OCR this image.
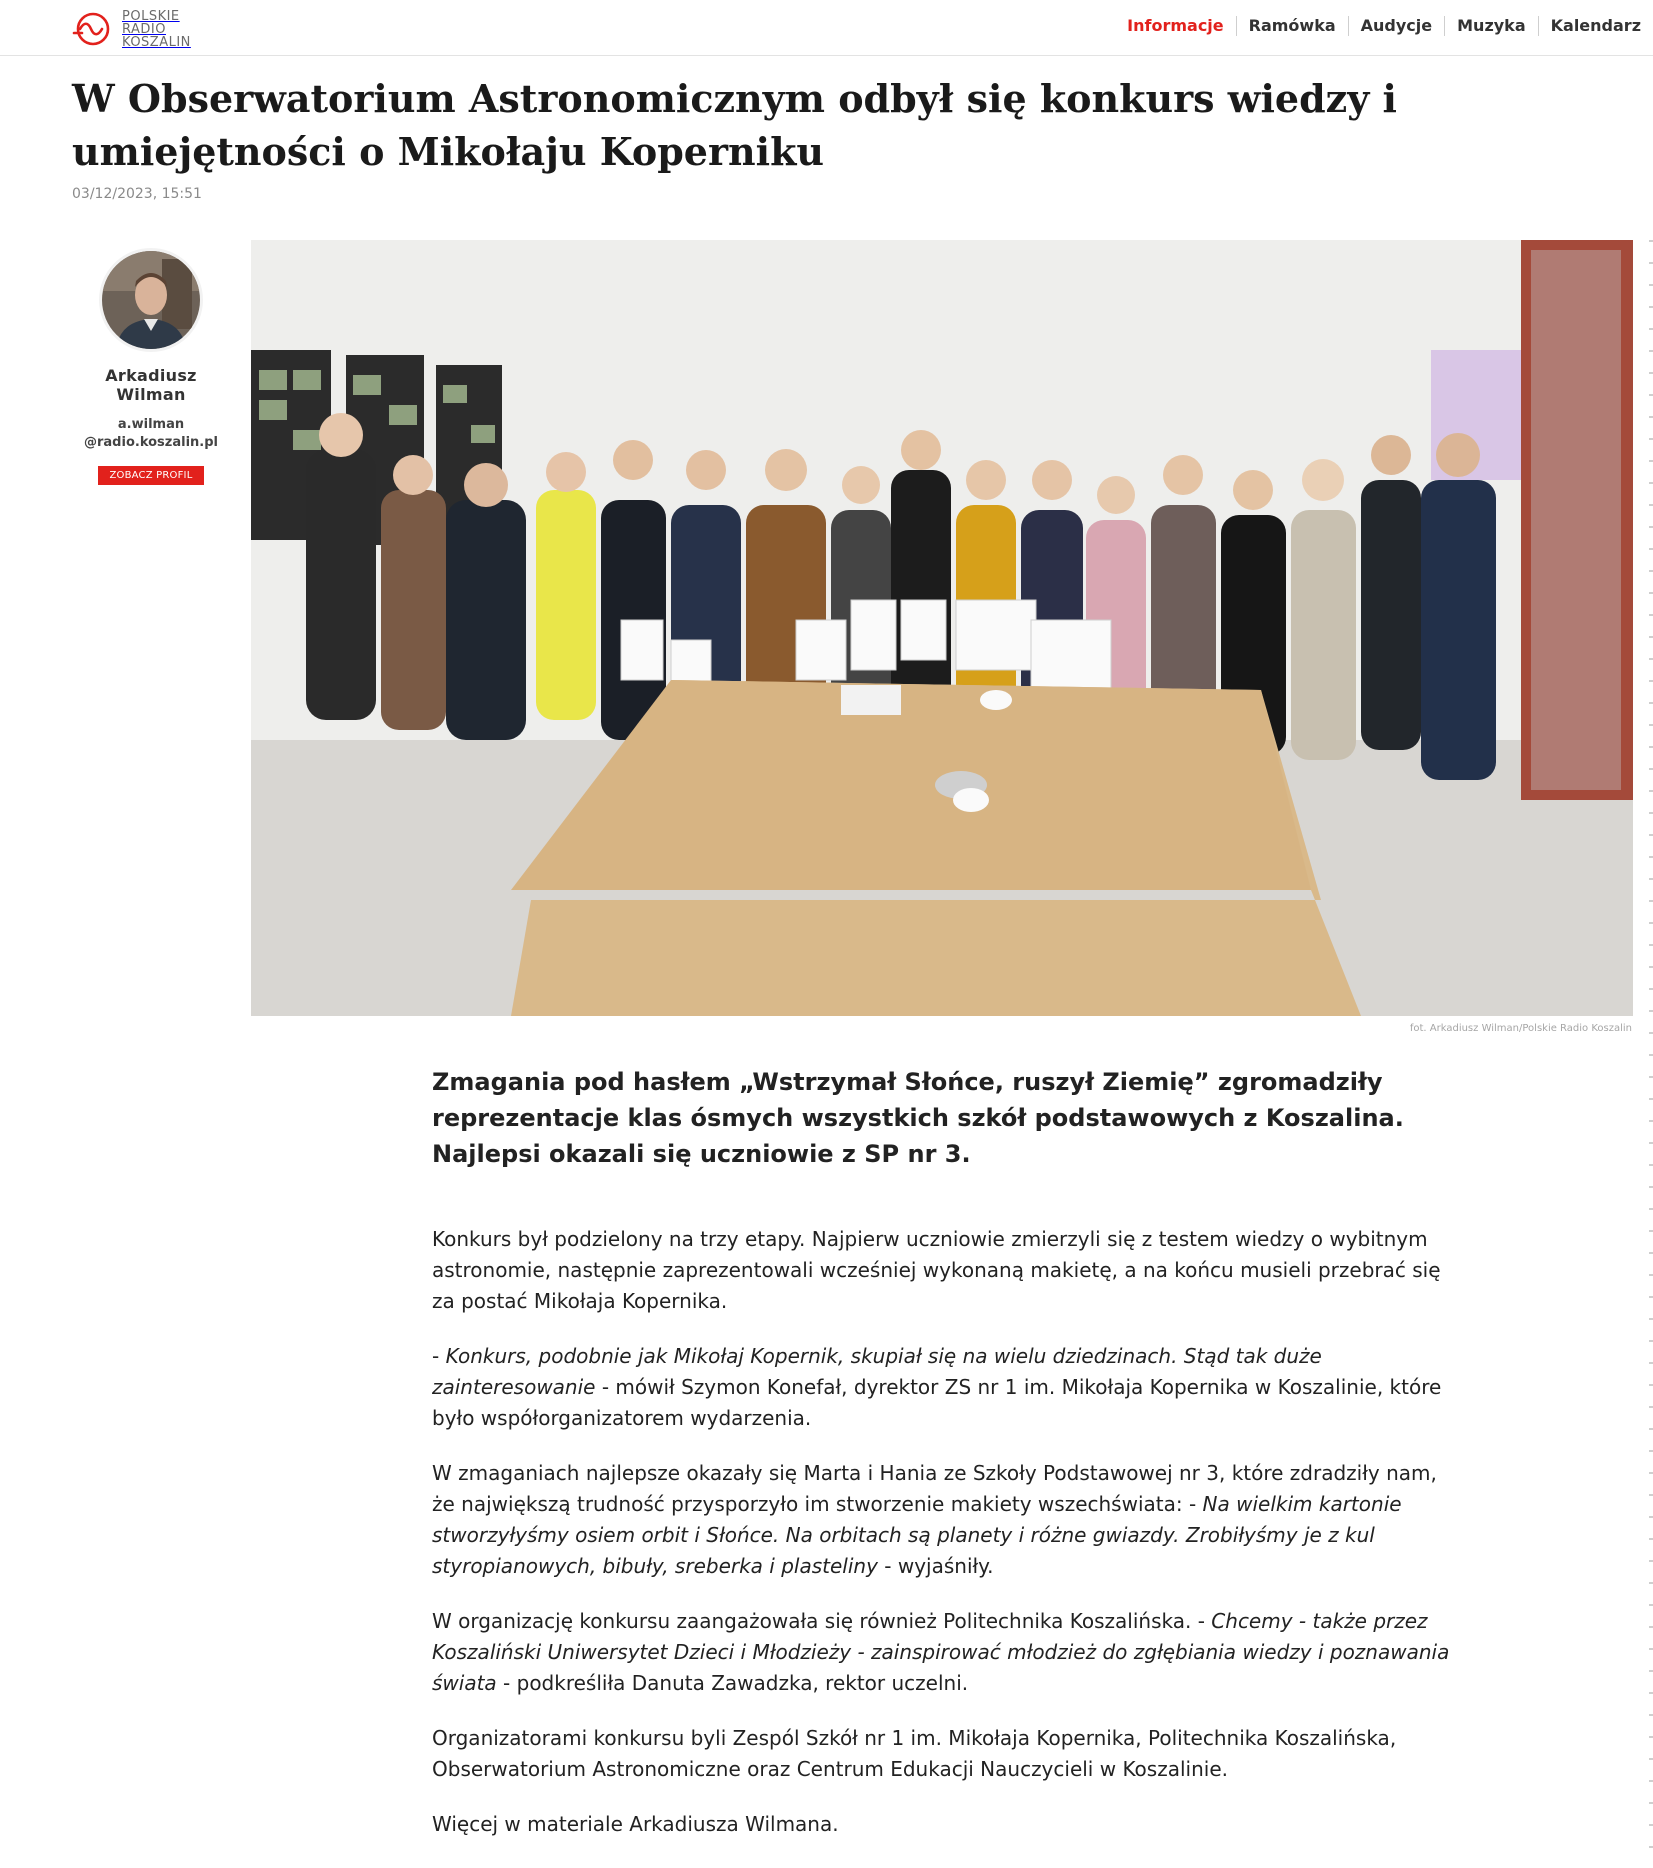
POLSKIE
RADIO
KOSZALIN
Informacje	Ramówka	Audycje	Muzyka	Kalendarz
W Obserwatorium Astronomicznym odbył się konkurs wiedzy i umiejętności o Mikołaju Koperniku
03/12/2023, 15:51
Arkadiusz Wilman
a.wilman
@radio.koszalin.pl
ZOBACZ PROFIL
fot. Arkadiusz Wilman/Polskie Radio Koszalin

Zmagania pod hasłem „Wstrzymał Słońce, ruszył Ziemię” zgromadziły reprezentacje klas ósmych wszystkich szkół podstawowych z Koszalina. Najlepsi okazali się uczniowie z SP nr 3.

Konkurs był podzielony na trzy etapy. Najpierw uczniowie zmierzyli się z testem wiedzy o wybitnym astronomie, następnie zaprezentowali wcześniej wykonaną makietę, a na końcu musieli przebrać się za postać Mikołaja Kopernika.

- Konkurs, podobnie jak Mikołaj Kopernik, skupiał się na wielu dziedzinach. Stąd tak duże zainteresowanie - mówił Szymon Konefał, dyrektor ZS nr 1 im. Mikołaja Kopernika w Koszalinie, które było współorganizatorem wydarzenia.

W zmaganiach najlepsze okazały się Marta i Hania ze Szkoły Podstawowej nr 3, które zdradziły nam, że największą trudność przysporzyło im stworzenie makiety wszechświata: - Na wielkim kartonie stworzyłyśmy osiem orbit i Słońce. Na orbitach są planety i różne gwiazdy. Zrobiłyśmy je z kul styropianowych, bibuły, sreberka i plasteliny - wyjaśniły.

W organizację konkursu zaangażowała się również Politechnika Koszalińska. - Chcemy - także przez Koszaliński Uniwersytet Dzieci i Młodzieży - zainspirować młodzież do zgłębiania wiedzy i poznawania świata - podkreśliła Danuta Zawadzka, rektor uczelni.

Organizatorami konkursu byli Zespól Szkół nr 1 im. Mikołaja Kopernika, Politechnika Koszalińska, Obserwatorium Astronomiczne oraz Centrum Edukacji Nauczycieli w Koszalinie.

Więcej w materiale Arkadiusza Wilmana.
